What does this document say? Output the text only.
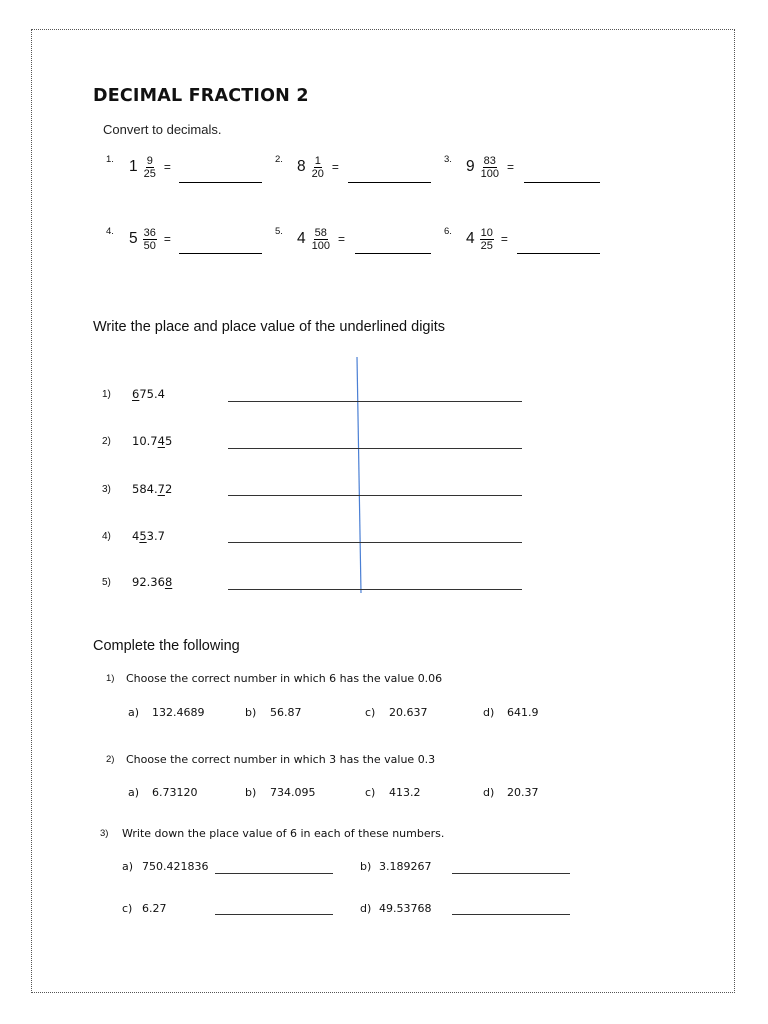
DECIMAL FRACTION 2
Convert to decimals.
1. $1 \frac{9}{25}$ =
2. $8 \frac{1}{20}$ =
3. $9 \frac{83}{100}$ =
4. $5 \frac{36}{50}$ =
5. $4 \frac{58}{100}$ =
6. $4 \frac{10}{25}$ =
Write the place and place value of the underlined digits
1) 675.4
2) 10.745
3) 584.72
4) 453.7
5) 92.368
Complete the following
1) Choose the correct number in which 6 has the value 0.06
a) 132.4689	b) 56.87	c) 20.637	d) 641.9
2) Choose the correct number in which 3 has the value 0.3
a) 6.73120	b) 734.095	c) 413.2	d) 20.37
3) Write down the place value of 6 in each of these numbers.
a) 750.421836	b) 3.189267
c) 6.27	d) 49.53768
